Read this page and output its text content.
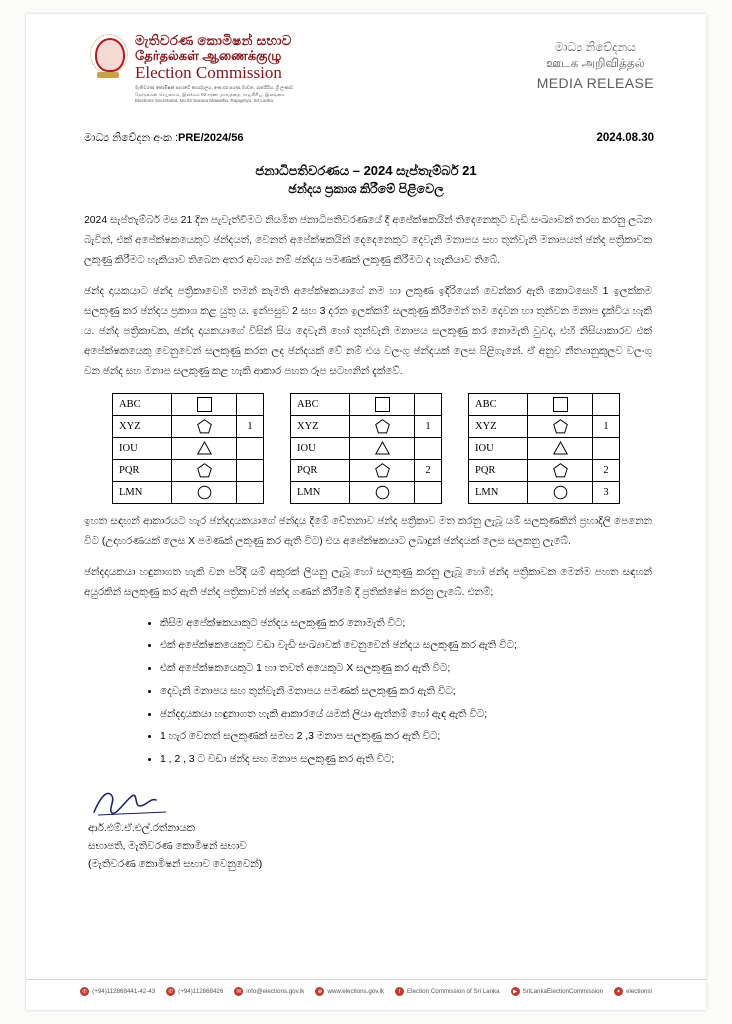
මැතිවරණ කොමිෂන් සභාව
தேர்தல்கள் ஆணைக்குழு
Election Commission
මැතිවරණ කොමිෂන් සභාවේ කාර්යාලය, අංක.02 සරණ මාවත, රාජගිරිය, ශ්‍රී ලංකාව
தேர்தல்கள் செயலகம், இலக்கம் 02 சரண மாவத்தை, ராஜகிரிய, இலங்கை
Elections Secretariat, No.02 Sarana Mawatha, Rajagiriya, Sri Lanka
මාධ්‍ය නිවේදනය
ஊடக அறிவித்தல்
MEDIA RELEASE
මාධ්‍ය නිවේදන අංක :PRE/2024/56	2024.08.30
ජනාධිපතිවරණය – 2024 සැප්තැම්බර් 21
ඡන්දය ප්‍රකාශ කිරීමේ පිළිවෙල

2024 සැප්තැම්බර් මස 21 දින පැවැත්වීමට නියමිත ජනාධිපතිවරණයේ දී අපේක්ෂකයින් තිදෙනෙකුට වැඩි සංඛ්‍යාවක් තරඟ කරනු ලබන බැවින්, එක් අපේක්ෂකයෙකුට ඡන්දයත්, වෙනත් අපේක්ෂකයින් දෙදෙනෙකුට දෙවැනි මනාපය සහ තුන්වැනි මනාපයත් ඡන්ද පත්‍රිකාවක ලකුණු කිරීමට හැකියාව තිබෙන අතර අවශ්‍ය නම් ඡන්දය පමණක් ලකුණු කිරීමට ද හැකියාව තිබේ.

ඡන්ද දායකයාට ඡන්ද පත්‍රිකාවෙහි තමන් කැමති අපේක්ෂකයාගේ නම හා ලකුණ ඉදිරියෙන් වෙන්කර ඇති කොටසෙහි 1 ඉලක්කම සලකුණු කර ඡන්දය ප්‍රකාශ කළ යුතු ය. ඉන්පසුව 2 සහ 3 දරන ඉලක්කම් සලකුණු කිරීමෙන් තම දෙවන හා තුන්වන මනාප දැක්විය හැකි ය. ඡන්ද පත්‍රිකාවක, ඡන්ද දායකයාගේ විසින් සිය දෙවැනි හෝ තුන්වැනි මනාපය සලකුණු කර නොමැති වුවද, එහි නිසියාකාරව එක් අපේක්ෂකයෙකු වෙනුවෙන් සලකුණු කරන ලද ඡන්දයක් වේ නම් එය වලංගු ඡන්දයක් ලෙස පිළිගැනේ. ඒ අනුව නීත්‍යානුකූලව වලංගු වන ඡන්ද සහ මනාප සලකුණු කළ හැකි ආකාර පහත රූප සටහනින් දැක්වේ.

ABC
XYZ	1
IOU
PQR
LMN
ABC
XYZ	1
IOU
PQR	2
LMN
ABC
XYZ	1
IOU
PQR	2
LMN	3

ඉහත සඳහන් ආකාරයට හැර ඡන්දදායකයාගේ ඡන්දය දීමේ චේතනාව ඡන්ද පත්‍රිකාව මත කරනු ලැබූ යම් සලකුණකින් ප්‍රහාදිලි පෙනෙන විට (උදාහරණයක් ලෙස X පමණක් ලකුණු කර ඇති විට) එය අපේක්ෂකයාට ලබාදුන් ඡන්දයක් ලෙස සලකනු ලැබේ.

ඡන්දදායකයා හඳුනාගත හැකි වන පරිදි යම් අකුරක් ලියනු ලැබූ හෝ සලකුණු කරනු ලැබූ හෝ ඡන්ද පත්‍රිකාවක මෙන්ම පහත සඳහන් අයුරකින් සලකුණු කර ඇති ඡන්ද පත්‍රිකාවන් ඡන්ද ගණන් කිරීමේ දී ප්‍රතික්ෂේප කරනු ලැබේ. එනම්;

• කිසිම අපේක්ෂකයාකුට ඡන්දය සලකුණු කර නොමැති විට;
• එක් අපේක්ෂකයෙකුට වඩා වැඩි සංඛ්‍යාවක් වෙනුවෙන් ඡන්දය සලකුණු කර ඇති විට;
• එක් අපේක්ෂකයෙකුට 1 හා තවත් අයෙකුට X සලකුණු කර ඇති විට;
• දෙවැනි මනාපය සහ තුන්වැනි මනාපය පමණක් සලකුණු කර ඇති විට;
• ඡන්දදායකයා හඳුනාගත හැකි ආකාරයේ යමක් ලියා ඇත්නම් හෝ ඇඳ ඇති විට;
• 1 හැර වෙනත් සලකුණක් සමඟ 2 ,3 මනාප සලකුණු කර ඇති විට;
• 1 , 2 , 3 ට වඩා ඡන්ද සහ මනාප සලකුණු කර ඇති විට;
ආර්.එම්.ඒ.එල්.රත්නායක
සභාපති, මැතිවරණ කොමිෂන් සභාව
(මැතිවරණ කොමිෂන් සභාව වෙනුවෙන්)
✆ (+94)112868441-42-43	✆ (+94)112868426	✉ info@elections.gov.lk	⊕ www.elections.gov.lk	f	Election Commission of Sri Lanka	▶ SriLankaElectionCommission	✦ electionsl
